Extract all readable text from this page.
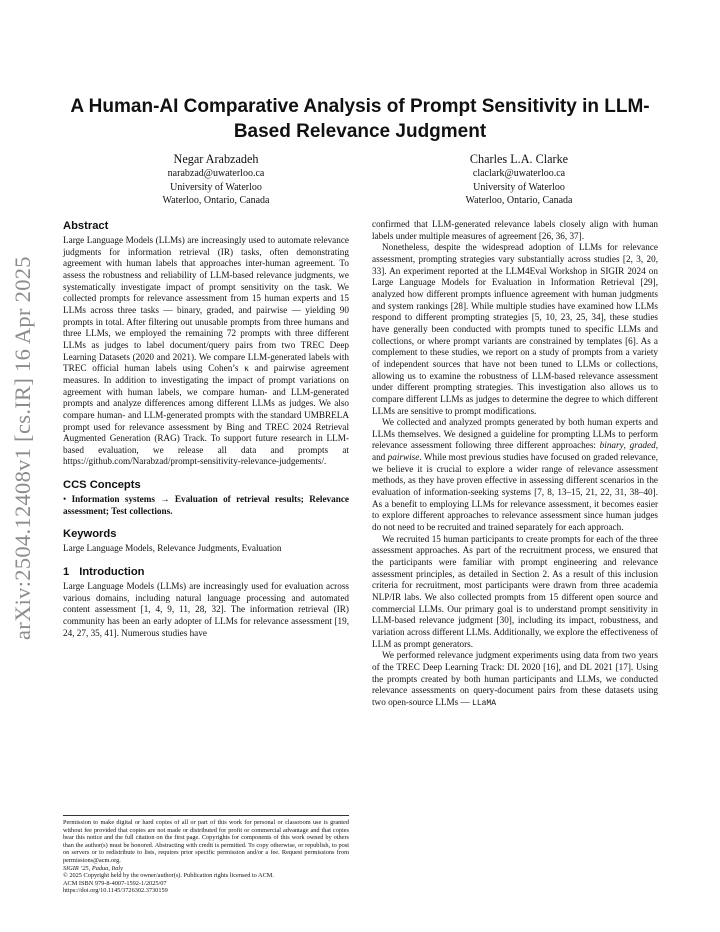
arXiv:2504.12408v1 [cs.IR] 16 Apr 2025
A Human-AI Comparative Analysis of Prompt Sensitivity in LLM-Based Relevance Judgment
Negar Arabzadeh
narabzad@uwaterloo.ca
University of Waterloo
Waterloo, Ontario, Canada
Charles L.A. Clarke
claclark@uwaterloo.ca
University of Waterloo
Waterloo, Ontario, Canada
Abstract

Large Language Models (LLMs) are increasingly used to automate relevance judgments for information retrieval (IR) tasks, often demonstrating agreement with human labels that approaches inter-human agreement. To assess the robustness and reliability of LLM-based relevance judgments, we systematically investigate impact of prompt sensitivity on the task. We collected prompts for relevance assessment from 15 human experts and 15 LLMs across three tasks — binary, graded, and pairwise — yielding 90 prompts in total. After filtering out unusable prompts from three humans and three LLMs, we employed the remaining 72 prompts with three different LLMs as judges to label document/query pairs from two TREC Deep Learning Datasets (2020 and 2021). We compare LLM-generated labels with TREC official human labels using Cohen’s κ and pairwise agreement measures. In addition to investigating the impact of prompt variations on agreement with human labels, we compare human- and LLM-generated prompts and analyze differences among different LLMs as judges. We also compare human- and LLM-generated prompts with the standard UMBRELA prompt used for relevance assessment by Bing and TREC 2024 Retrieval Augmented Generation (RAG) Track. To support future research in LLM-based evaluation, we release all data and prompts at https://github.com/Narabzad/prompt-sensitivity-relevance-judgements/.

CCS Concepts

• Information systems → Evaluation of retrieval results; Relevance assessment; Test collections.

Keywords

Large Language Models, Relevance Judgments, Evaluation

1 Introduction

Large Language Models (LLMs) are increasingly used for evaluation across various domains, including natural language processing and automated content assessment [1, 4, 9, 11, 28, 32]. The information retrieval (IR) community has been an early adopter of LLMs for relevance assessment [19, 24, 27, 35, 41]. Numerous studies have

Permission to make digital or hard copies of all or part of this work for personal or classroom use is granted without fee provided that copies are not made or distributed for profit or commercial advantage and that copies bear this notice and the full citation on the first page. Copyrights for components of this work owned by others than the author(s) must be honored. Abstracting with credit is permitted. To copy otherwise, or republish, to post on servers or to redistribute to lists, requires prior specific permission and/or a fee. Request permissions from permissions@acm.org.
SIGIR ’25, Padua, Italy
© 2025 Copyright held by the owner/author(s). Publication rights licensed to ACM.
ACM ISBN 979-8-4007-1592-1/2025/07
https://doi.org/10.1145/3726302.3730159

confirmed that LLM-generated relevance labels closely align with human labels under multiple measures of agreement [26, 36, 37].

Nonetheless, despite the widespread adoption of LLMs for relevance assessment, prompting strategies vary substantially across studies [2, 3, 20, 33]. An experiment reported at the LLM4Eval Workshop in SIGIR 2024 on Large Language Models for Evaluation in Information Retrieval [29], analyzed how different prompts influence agreement with human judgments and system rankings [28]. While multiple studies have examined how LLMs respond to different prompting strategies [5, 10, 23, 25, 34], these studies have generally been conducted with prompts tuned to specific LLMs and collections, or where prompt variants are constrained by templates [6]. As a complement to these studies, we report on a study of prompts from a variety of independent sources that have not been tuned to LLMs or collections, allowing us to examine the robustness of LLM-based relevance assessment under different prompting strategies. This investigation also allows us to compare different LLMs as judges to determine the degree to which different LLMs are sensitive to prompt modifications.

We collected and analyzed prompts generated by both human experts and LLMs themselves. We designed a guideline for prompting LLMs to perform relevance assessment following three different approaches: binary, graded, and pairwise. While most previous studies have focused on graded relevance, we believe it is crucial to explore a wider range of relevance assessment methods, as they have proven effective in assessing different scenarios in the evaluation of information-seeking systems [7, 8, 13–15, 21, 22, 31, 38–40]. As a benefit to employing LLMs for relevance assessment, it becomes easier to explore different approaches to relevance assessment since human judges do not need to be recruited and trained separately for each approach.

We recruited 15 human participants to create prompts for each of the three assessment approaches. As part of the recruitment process, we ensured that the participants were familiar with prompt engineering and relevance assessment principles, as detailed in Section 2. As a result of this inclusion criteria for recruitment, most participants were drawn from three academia NLP/IR labs. We also collected prompts from 15 different open source and commercial LLMs. Our primary goal is to understand prompt sensitivity in LLM-based relevance judgment [30], including its impact, robustness, and variation across different LLMs. Additionally, we explore the effectiveness of LLM as prompt generators.

We performed relevance judgment experiments using data from two years of the TREC Deep Learning Track: DL 2020 [16], and DL 2021 [17]. Using the prompts created by both human participants and LLMs, we conducted relevance assessments on query-document pairs from these datasets using two open-source LLMs — LLaMA
